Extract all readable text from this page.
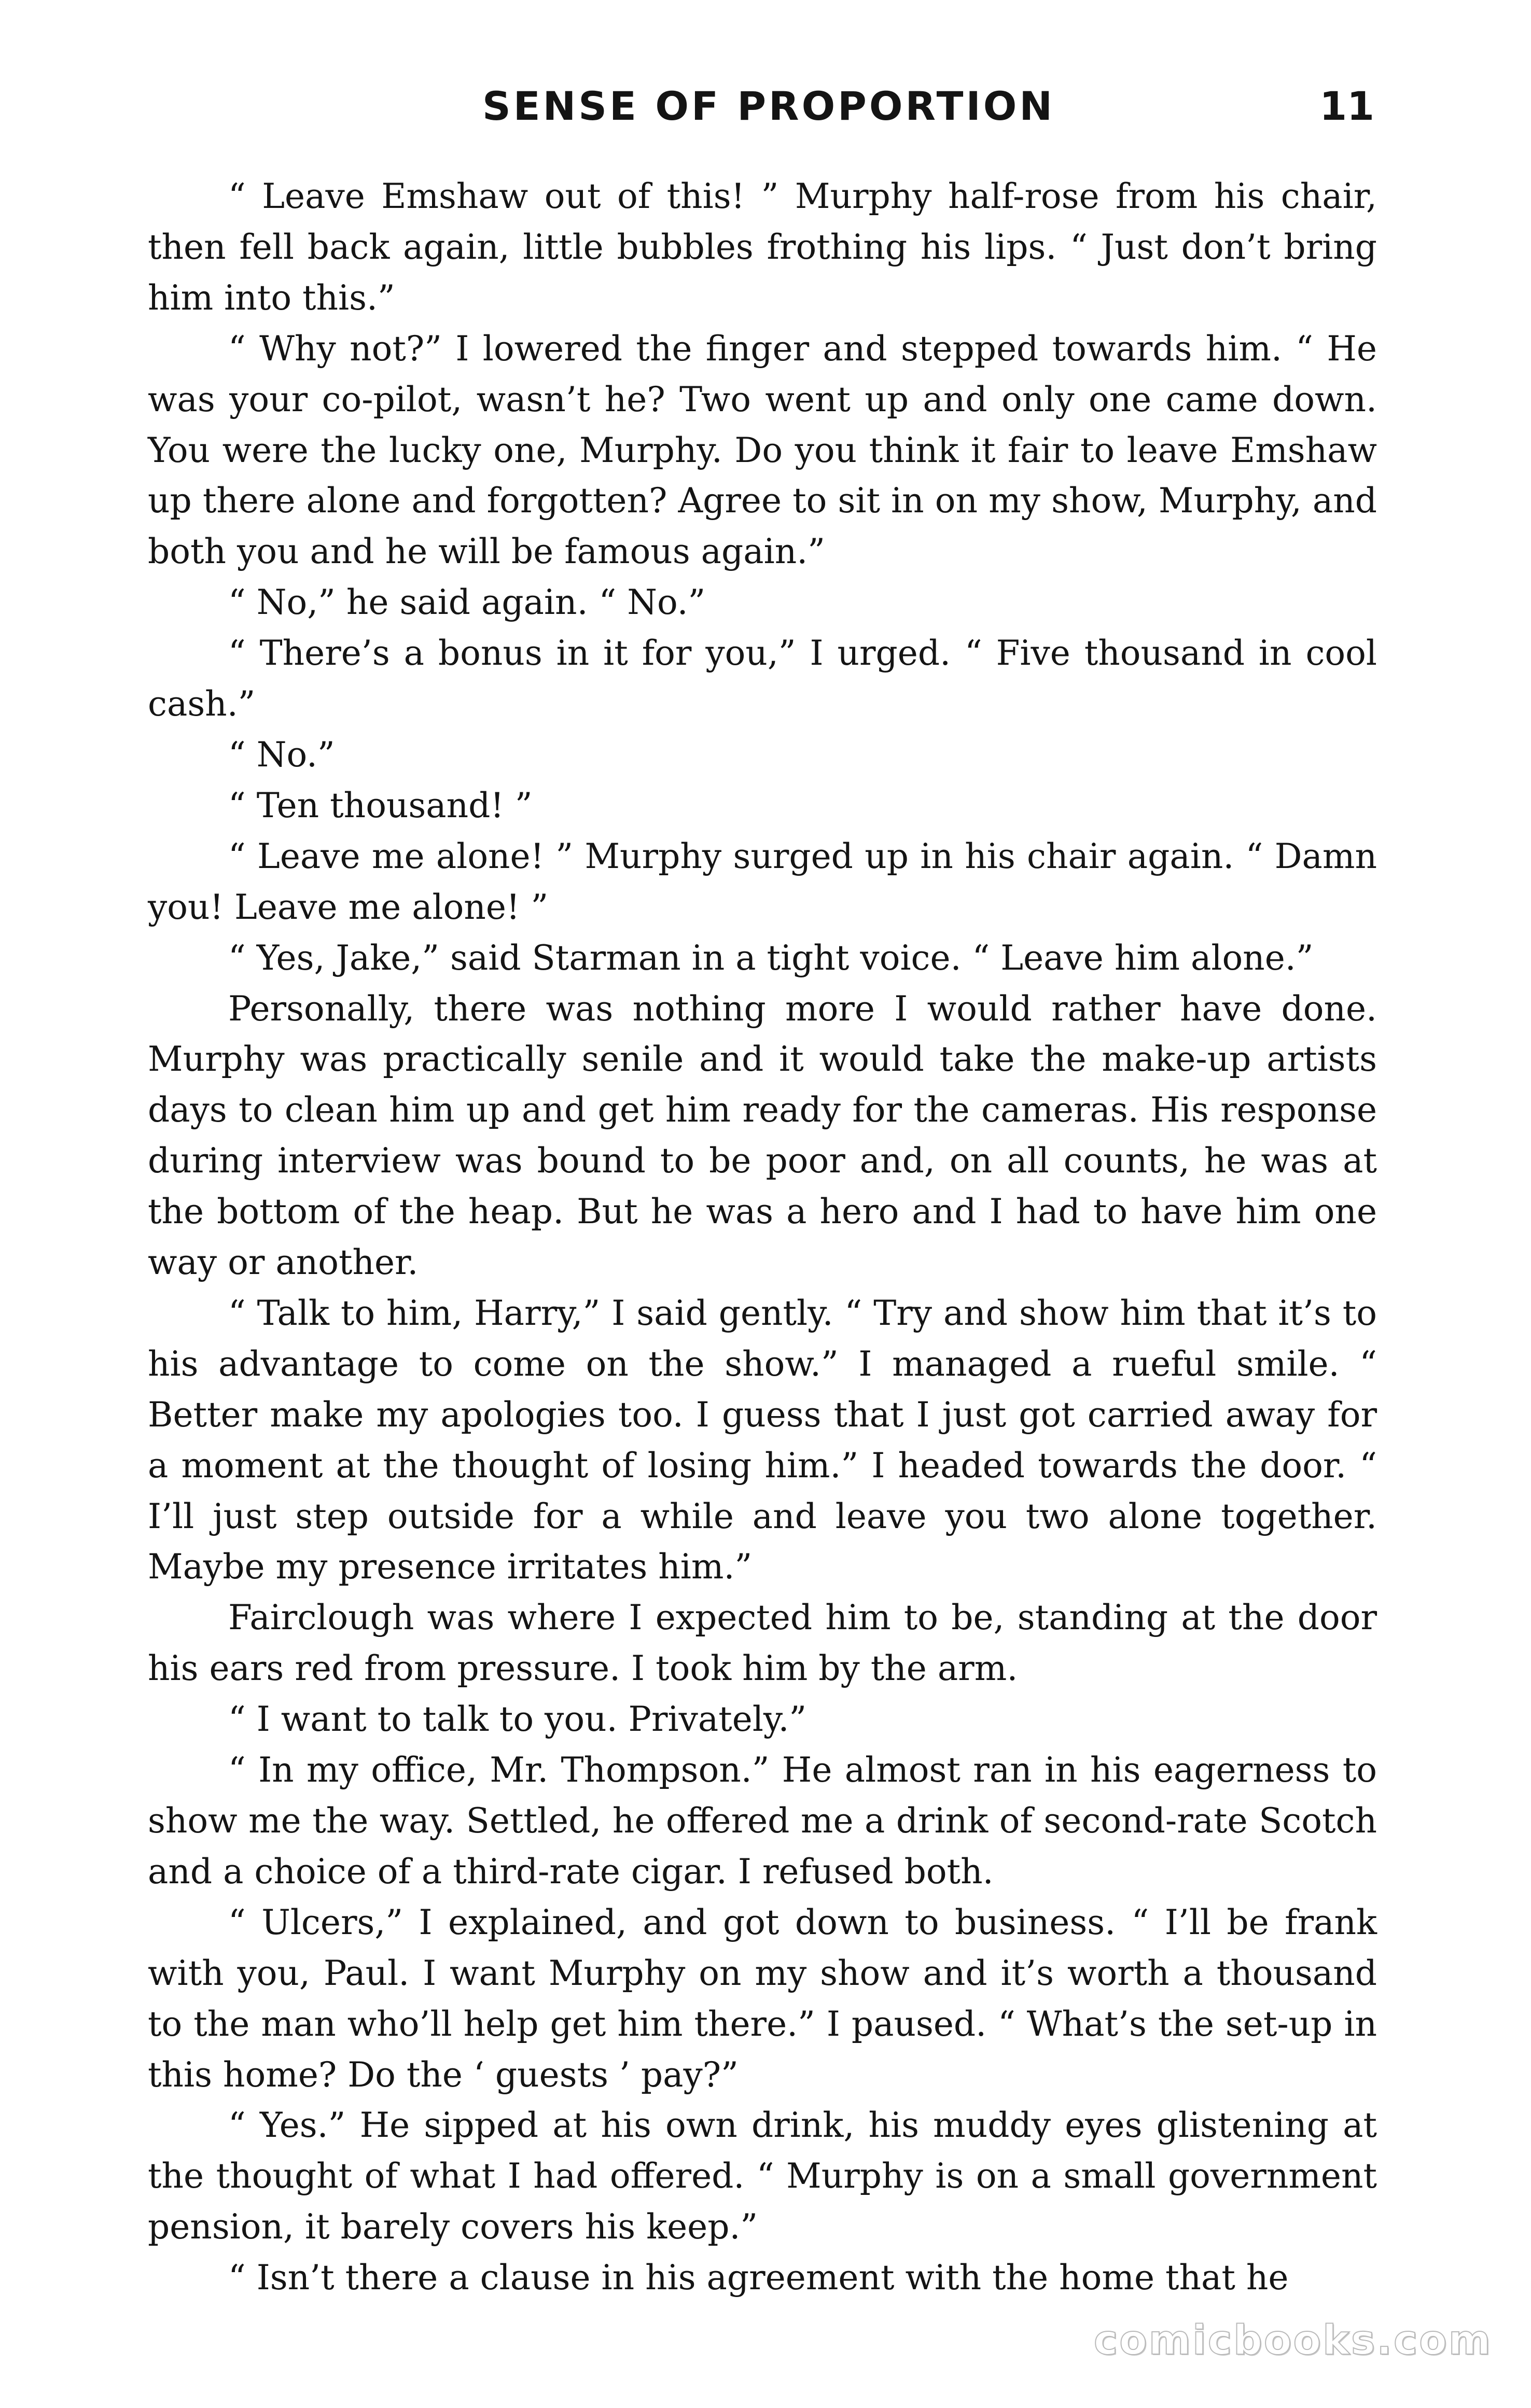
SENSE OF PROPORTION	11

“ Leave Emshaw out of this! ” Murphy half-rose from his chair, then fell back again, little bubbles frothing his lips. “ Just don’t bring him into this.”

“ Why not?” I lowered the finger and stepped towards him. “ He was your co-pilot, wasn’t he? Two went up and only one came down. You were the lucky one, Murphy. Do you think it fair to leave Emshaw up there alone and forgotten? Agree to sit in on my show, Murphy, and both you and he will be famous again.”

“ No,” he said again. “ No.”

“ There’s a bonus in it for you,” I urged. “ Five thousand in cool cash.”

“ No.”

“ Ten thousand! ”

“ Leave me alone! ” Murphy surged up in his chair again. “ Damn you! Leave me alone! ”

“ Yes, Jake,” said Starman in a tight voice. “ Leave him alone.”

Personally, there was nothing more I would rather have done. Murphy was practically senile and it would take the make-up artists days to clean him up and get him ready for the cameras. His response during interview was bound to be poor and, on all counts, he was at the bottom of the heap. But he was a hero and I had to have him one way or another.

“ Talk to him, Harry,” I said gently. “ Try and show him that it’s to his advantage to come on the show.” I managed a rueful smile. “ Better make my apologies too. I guess that I just got carried away for a moment at the thought of losing him.” I headed towards the door. “ I’ll just step outside for a while and leave you two alone together. Maybe my presence irritates him.”

Fairclough was where I expected him to be, standing at the door his ears red from pressure. I took him by the arm.

“ I want to talk to you. Privately.”

“ In my office, Mr. Thompson.” He almost ran in his eagerness to show me the way. Settled, he offered me a drink of second-rate Scotch and a choice of a third-rate cigar. I refused both.

“ Ulcers,” I explained, and got down to business. “ I’ll be frank with you, Paul. I want Murphy on my show and it’s worth a thousand to the man who’ll help get him there.” I paused. “ What’s the set-up in this home? Do the ‘ guests ’ pay?”

“ Yes.” He sipped at his own drink, his muddy eyes glistening at the thought of what I had offered. “ Murphy is on a small government pension, it barely covers his keep.”

“ Isn’t there a clause in his agreement with the home that he

comicbooks.com
